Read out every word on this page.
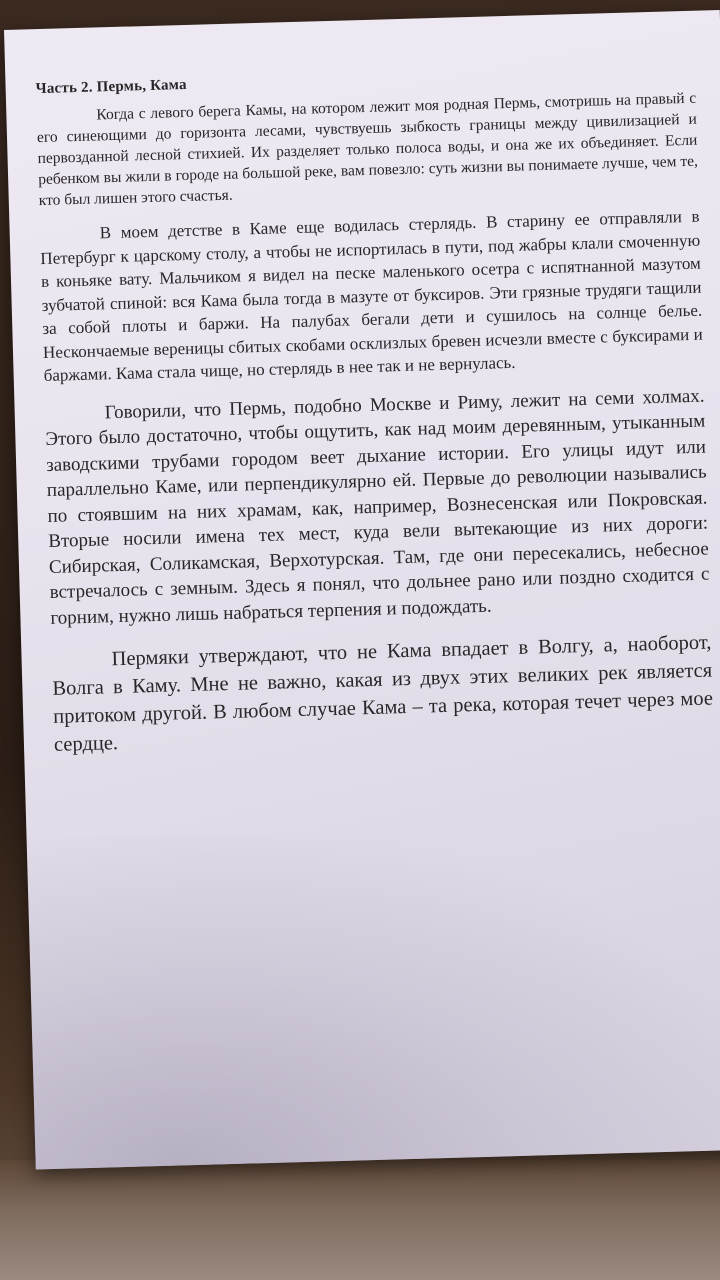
Часть 2. Пермь, Кама

Когда с левого берега Камы, на котором лежит моя родная Пермь, смотришь на правый с его синеющими до горизонта лесами, чувствуешь зыбкость границы между цивилизацией и первозданной лесной стихией. Их разделяет только полоса воды, и она же их объединяет. Если ребенком вы жили в городе на большой реке, вам повезло: суть жизни вы понимаете лучше, чем те, кто был лишен этого счастья.

В моем детстве в Каме еще водилась стерлядь. В старину ее отправляли в Петербург к царскому столу, а чтобы не испортилась в пути, под жабры клали смоченную в коньяке вату. Мальчиком я видел на песке маленького осетра с испятнанной мазутом зубчатой спиной: вся Кама была тогда в мазуте от буксиров. Эти грязные трудяги тащили за собой плоты и баржи. На палубах бегали дети и сушилось на солнце белье. Нескончаемые вереницы сбитых скобами осклизлых бревен исчезли вместе с буксирами и баржами. Кама стала чище, но стерлядь в нее так и не вернулась.

Говорили, что Пермь, подобно Москве и Риму, лежит на семи холмах. Этого было достаточно, чтобы ощутить, как над моим деревянным, утыканным заводскими трубами городом веет дыхание истории. Его улицы идут или параллельно Каме, или перпендикулярно ей. Первые до революции назывались по стоявшим на них храмам, как, например, Вознесенская или Покровская. Вторые носили имена тех мест, куда вели вытекающие из них дороги: Сибирская, Соликамская, Верхотурская. Там, где они пересекались, небесное встречалось с земным. Здесь я понял, что дольнее рано или поздно сходится с горним, нужно лишь набраться терпения и подождать.

Пермяки утверждают, что не Кама впадает в Волгу, а, наоборот, Волга в Каму. Мне не важно, какая из двух этих великих рек является притоком другой. В любом случае Кама – та река, которая течет через мое сердце.
